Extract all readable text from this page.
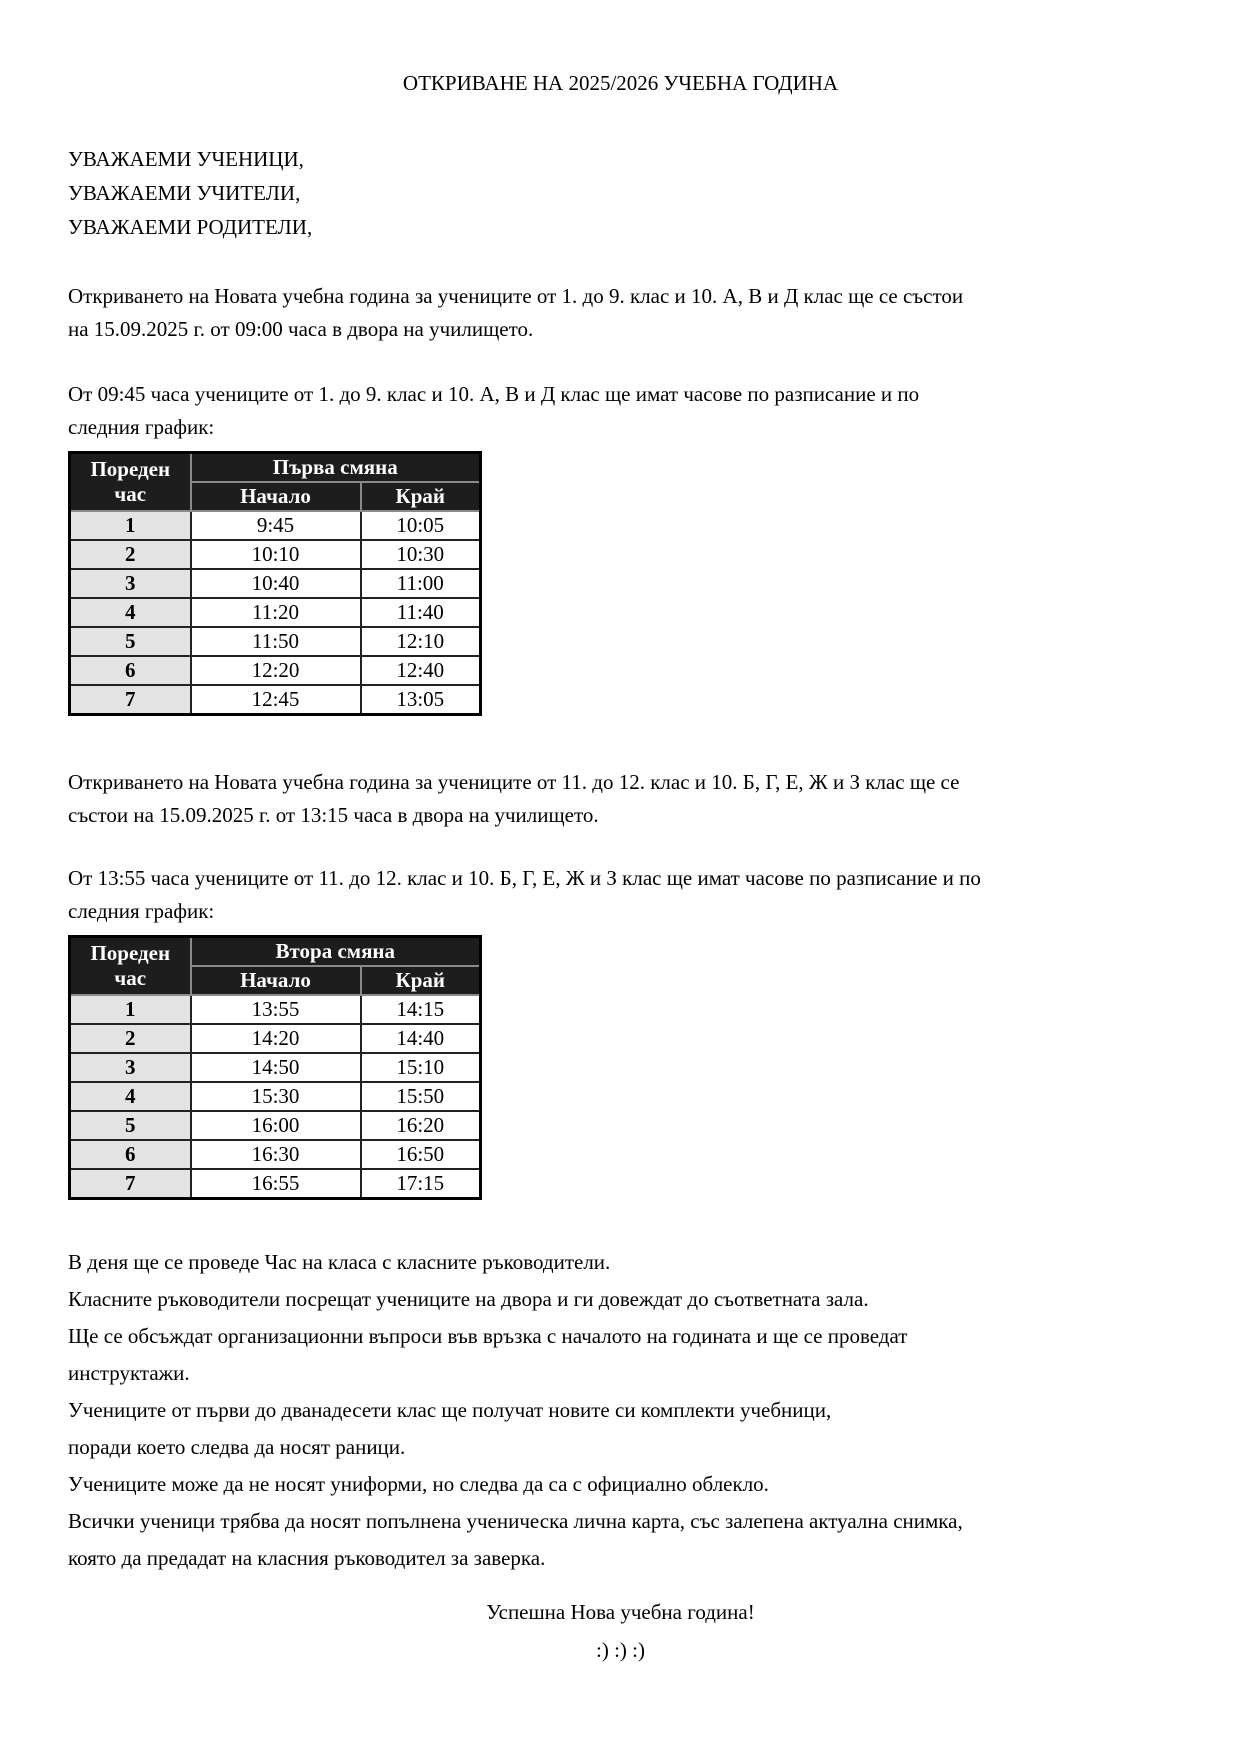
ОТКРИВАНЕ НА 2025/2026 УЧЕБНА ГОДИНА
УВАЖАЕМИ УЧЕНИЦИ,
УВАЖАЕМИ УЧИТЕЛИ,
УВАЖАЕМИ РОДИТЕЛИ,
Откриването на Новата учебна година за учениците от 1. до 9. клас и 10. А, В и Д клас ще се състои
на 15.09.2025 г. от 09:00 часа в двора на училището.
От 09:45 часа учениците от 1. до 9. клас и 10. А, В и Д клас ще имат часове по разписание и по
следния график:
Пореден час	Първа смяна	
	Начало	Край
1	9:45	10:05
2	10:10	10:30
3	10:40	11:00
4	11:20	11:40
5	11:50	12:10
6	12:20	12:40
7	12:45	13:05
Откриването на Новата учебна година за учениците от 11. до 12. клас и 10. Б, Г, Е, Ж и З клас ще се
състои на 15.09.2025 г. от 13:15 часа в двора на училището.
От 13:55 часа учениците от 11. до 12. клас и 10. Б, Г, Е, Ж и З клас ще имат часове по разписание и по
следния график:
Пореден час	Втора смяна	
	Начало	Край
1	13:55	14:15
2	14:20	14:40
3	14:50	15:10
4	15:30	15:50
5	16:00	16:20
6	16:30	16:50
7	16:55	17:15
В деня ще се проведе Час на класа с класните ръководители.
Класните ръководители посрещат учениците на двора и ги довеждат до съответната зала.
Ще се обсъждат организационни въпроси във връзка с началото на годината и ще се проведат
инструктажи.
Учениците от първи до дванадесети клас ще получат новите си комплекти учебници,
поради което следва да носят раници.
Учениците може да не носят униформи, но следва да са с официално облекло.
Всички ученици трябва да носят попълнена ученическа лична карта, със залепена актуална снимка,
която да предадат на класния ръководител за заверка.
Успешна Нова учебна година!
:) :) :)
